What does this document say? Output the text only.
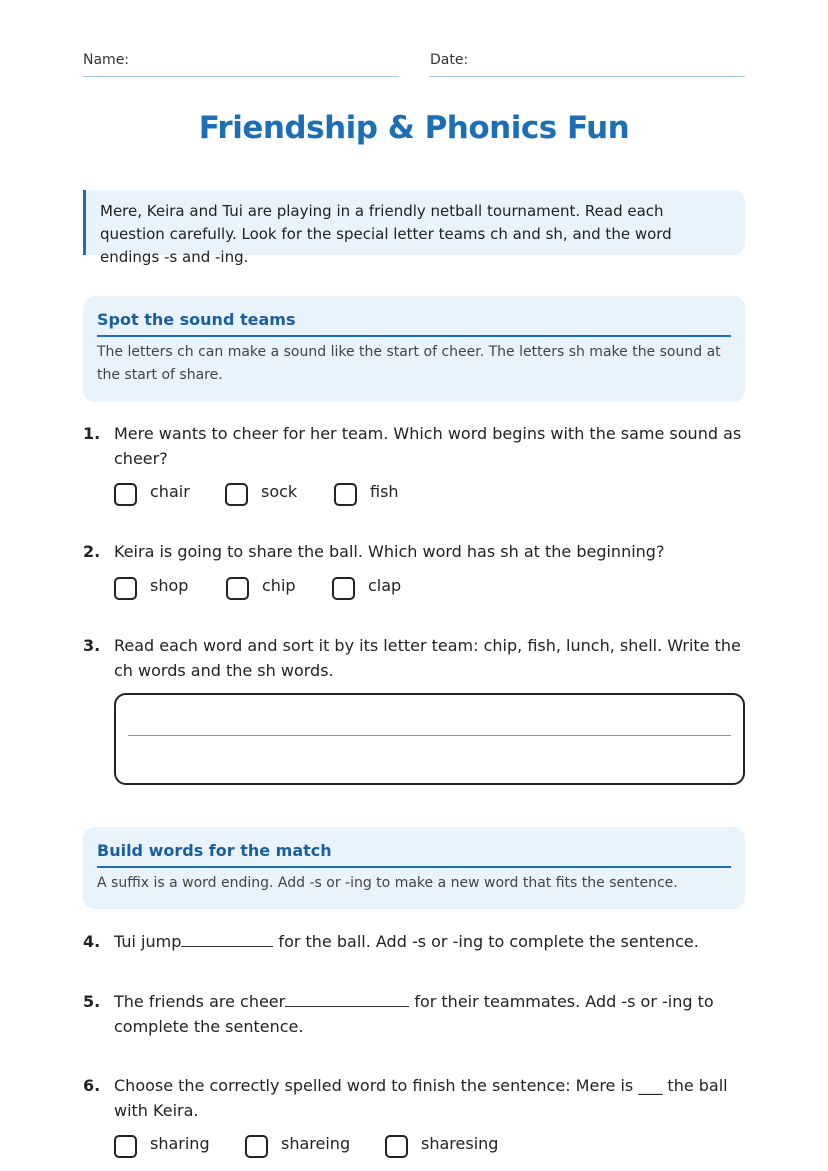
Name:	Date:
Friendship & Phonics Fun
Mere, Keira and Tui are playing in a friendly netball tournament. Read each question carefully. Look for the special letter teams ch and sh, and the word endings -s and -ing.
Spot the sound teams
The letters ch can make a sound like the start of cheer. The letters sh make the sound at the start of share.
1. Mere wants to cheer for her team. Which word begins with the same sound as cheer?
chair	sock	fish
2. Keira is going to share the ball. Which word has sh at the beginning?
shop	chip	clap
3. Read each word and sort it by its letter team: chip, fish, lunch, shell. Write the ch words and the sh words.
Build words for the match
A suffix is a word ending. Add -s or -ing to make a new word that fits the sentence.
4. Tui jump	for the ball. Add -s or -ing to complete the sentence.
5. The friends are cheer	for their teammates. Add -s or -ing to complete the sentence.
6. Choose the correctly spelled word to finish the sentence: Mere is ___ the ball with Keira.
sharing	shareing	sharesing
